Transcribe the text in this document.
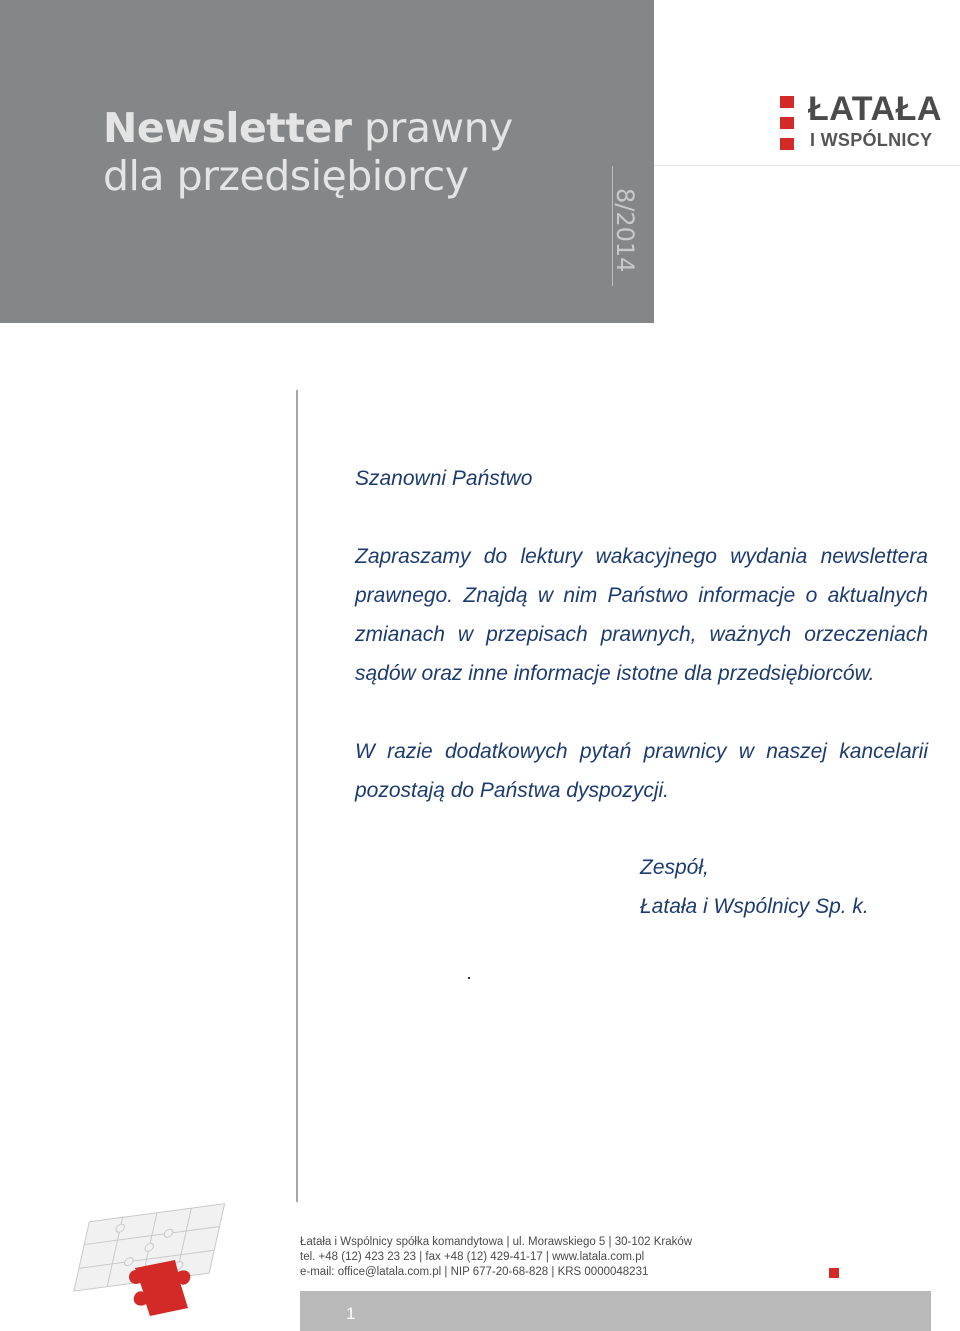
Newsletter prawny
dla przedsiębiorcy
8/2014
ŁATAŁA
I WSPÓLNICY
Szanowni Państwo
Zapraszamy do lektury wakacyjnego wydania newslettera prawnego. Znajdą w nim Państwo informacje o aktualnych zmianach w przepisach prawnych, ważnych orzeczeniach sądów oraz inne informacje istotne dla przedsiębiorców.
W razie dodatkowych pytań prawnicy w naszej kancelarii pozostają do Państwa dyspozycji.
Zespół,
Łatała i Wspólnicy Sp. k.
Łatała i Wspólnicy spółka komandytowa | ul. Morawskiego 5 | 30-102 Kraków
tel. +48 (12) 423 23 23 | fax +48 (12) 429-41-17 | www.latala.com.pl
e-mail: office@latala.com.pl | NIP 677-20-68-828 | KRS 0000048231
1
